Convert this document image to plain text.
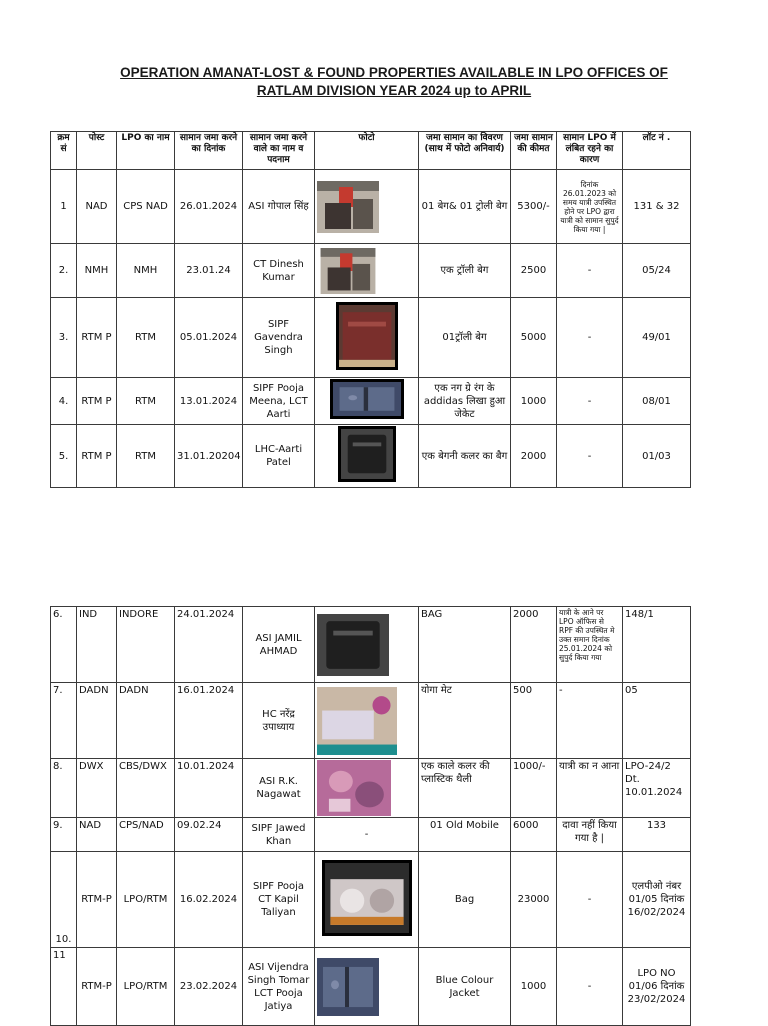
OPERATION AMANAT-LOST & FOUND PROPERTIES AVAILABLE IN LPO OFFICES OF
RATLAM DIVISION YEAR 2024 up to APRIL
क्रम सं	पोस्ट	LPO का नाम	सामान जमा करने का दिनांक	सामान जमा करने वाले का नाम व पदनाम	फोटो	जमा सामान का विवरण (साथ में फोटो अनिवार्य)	जमा सामान की कीमत	सामान LPO में लंबित रहने का कारण	लॉट नं .
1	NAD	CPS NAD	26.01.2024	ASI गोपाल सिंह		01 बेग& 01 ट्रोली बेग	5300/-	दिनांक 26.01.2023 को समय यात्री उपस्थित होने पर LPO द्वारा यात्री को सामान सुपुर्द किया गया |	131 & 32
2.	NMH	NMH	23.01.24	CT Dinesh Kumar		एक ट्रॉली बेग	2500	-	05/24
3.	RTM P	RTM	05.01.2024	SIPF Gavendra Singh		01ट्रॉली बेग	5000	-	49/01
4.	RTM P	RTM	13.01.2024	SIPF Pooja Meena, LCT Aarti		एक नग ग्रे रंग के addidas लिखा हुआ जेकेट	1000	-	08/01
5.	RTM P	RTM	31.01.20204	LHC-Aarti Patel		एक बेगनी कलर का बैग	2000	-	01/03
6.	IND	INDORE	24.01.2024	ASI JAMIL AHMAD		BAG	2000	यात्री के आने पर LPO ऑफिस से RPF की उपस्थित मे उक्त समान दिनांक 25.01.2024 को सुपुर्द किया गया	148/1
7.	DADN	DADN	16.01.2024	HC नरेंद्र उपाध्याय		योगा मेट	500	-	05
8.	DWX	CBS/DWX	10.01.2024	ASI R.K. Nagawat		एक काले कलर की प्लास्टिक थैली	1000/-	यात्री का न आना	LPO-24/2 Dt. 10.01.2024
9.	NAD	CPS/NAD	09.02.24	SIPF Jawed Khan	-	01 Old Mobile	6000	दावा नहीं किया गया है |	133
10.	RTM-P	LPO/RTM	16.02.2024	SIPF Pooja CT Kapil Taliyan		Bag	23000	-	एलपीओ नंबर 01/05 दिनांक 16/02/2024
11	RTM-P	LPO/RTM	23.02.2024	ASI Vijendra Singh Tomar LCT Pooja Jatiya		Blue Colour Jacket	1000	-	LPO NO 01/06 दिनांक 23/02/2024
